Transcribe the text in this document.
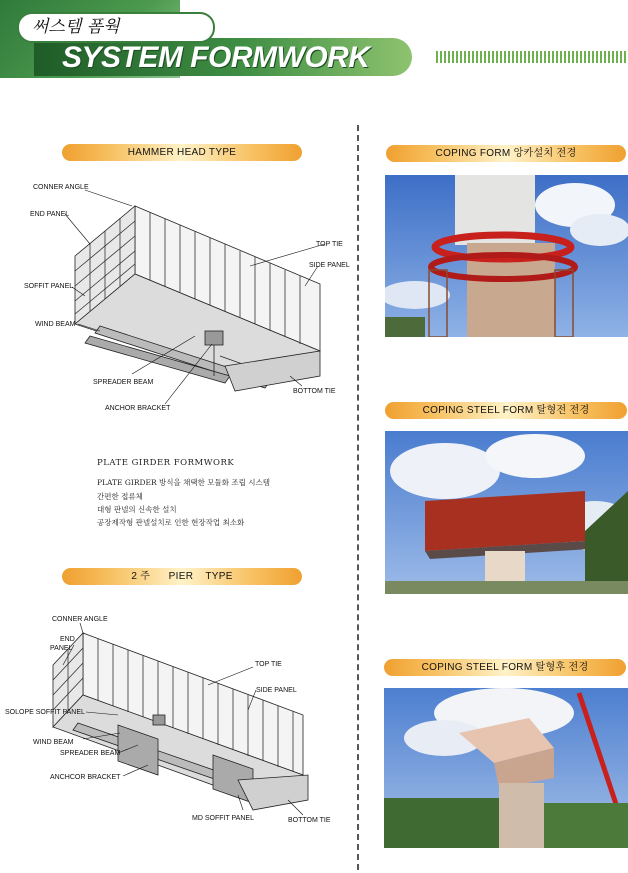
써스템 폼웍
SYSTEM FORMWORK
HAMMER HEAD TYPE
CONNER ANGLE
END PANEL
SOFFIT PANEL
WIND BEAM
SPREADER BEAM
ANCHOR BRACKET
TOP TIE
SIDE PANEL
BOTTOM TIE
PLATE GIRDER FORMWORK
PLATE GIRDER 방식을 채택한 모듈화 조립 시스템
간편한 접류체
대형 판넬의 신속한 설치
공장제작형 판넬설치로 인한 현장작업 최소화
2 주      PIER    TYPE
CONNER ANGLE
END
PANEL
SOLOPE SOFFIT PANEL
WIND BEAM
SPREADER BEAM
ANCHCOR BRACKET
TOP TIE
SIDE PANEL
MD SOFFIT PANEL	BOTTOM TIE
COPING FORM 앙카설치 전경
COPING STEEL FORM 탈형전 전경
COPING STEEL FORM 탈형후 전경
